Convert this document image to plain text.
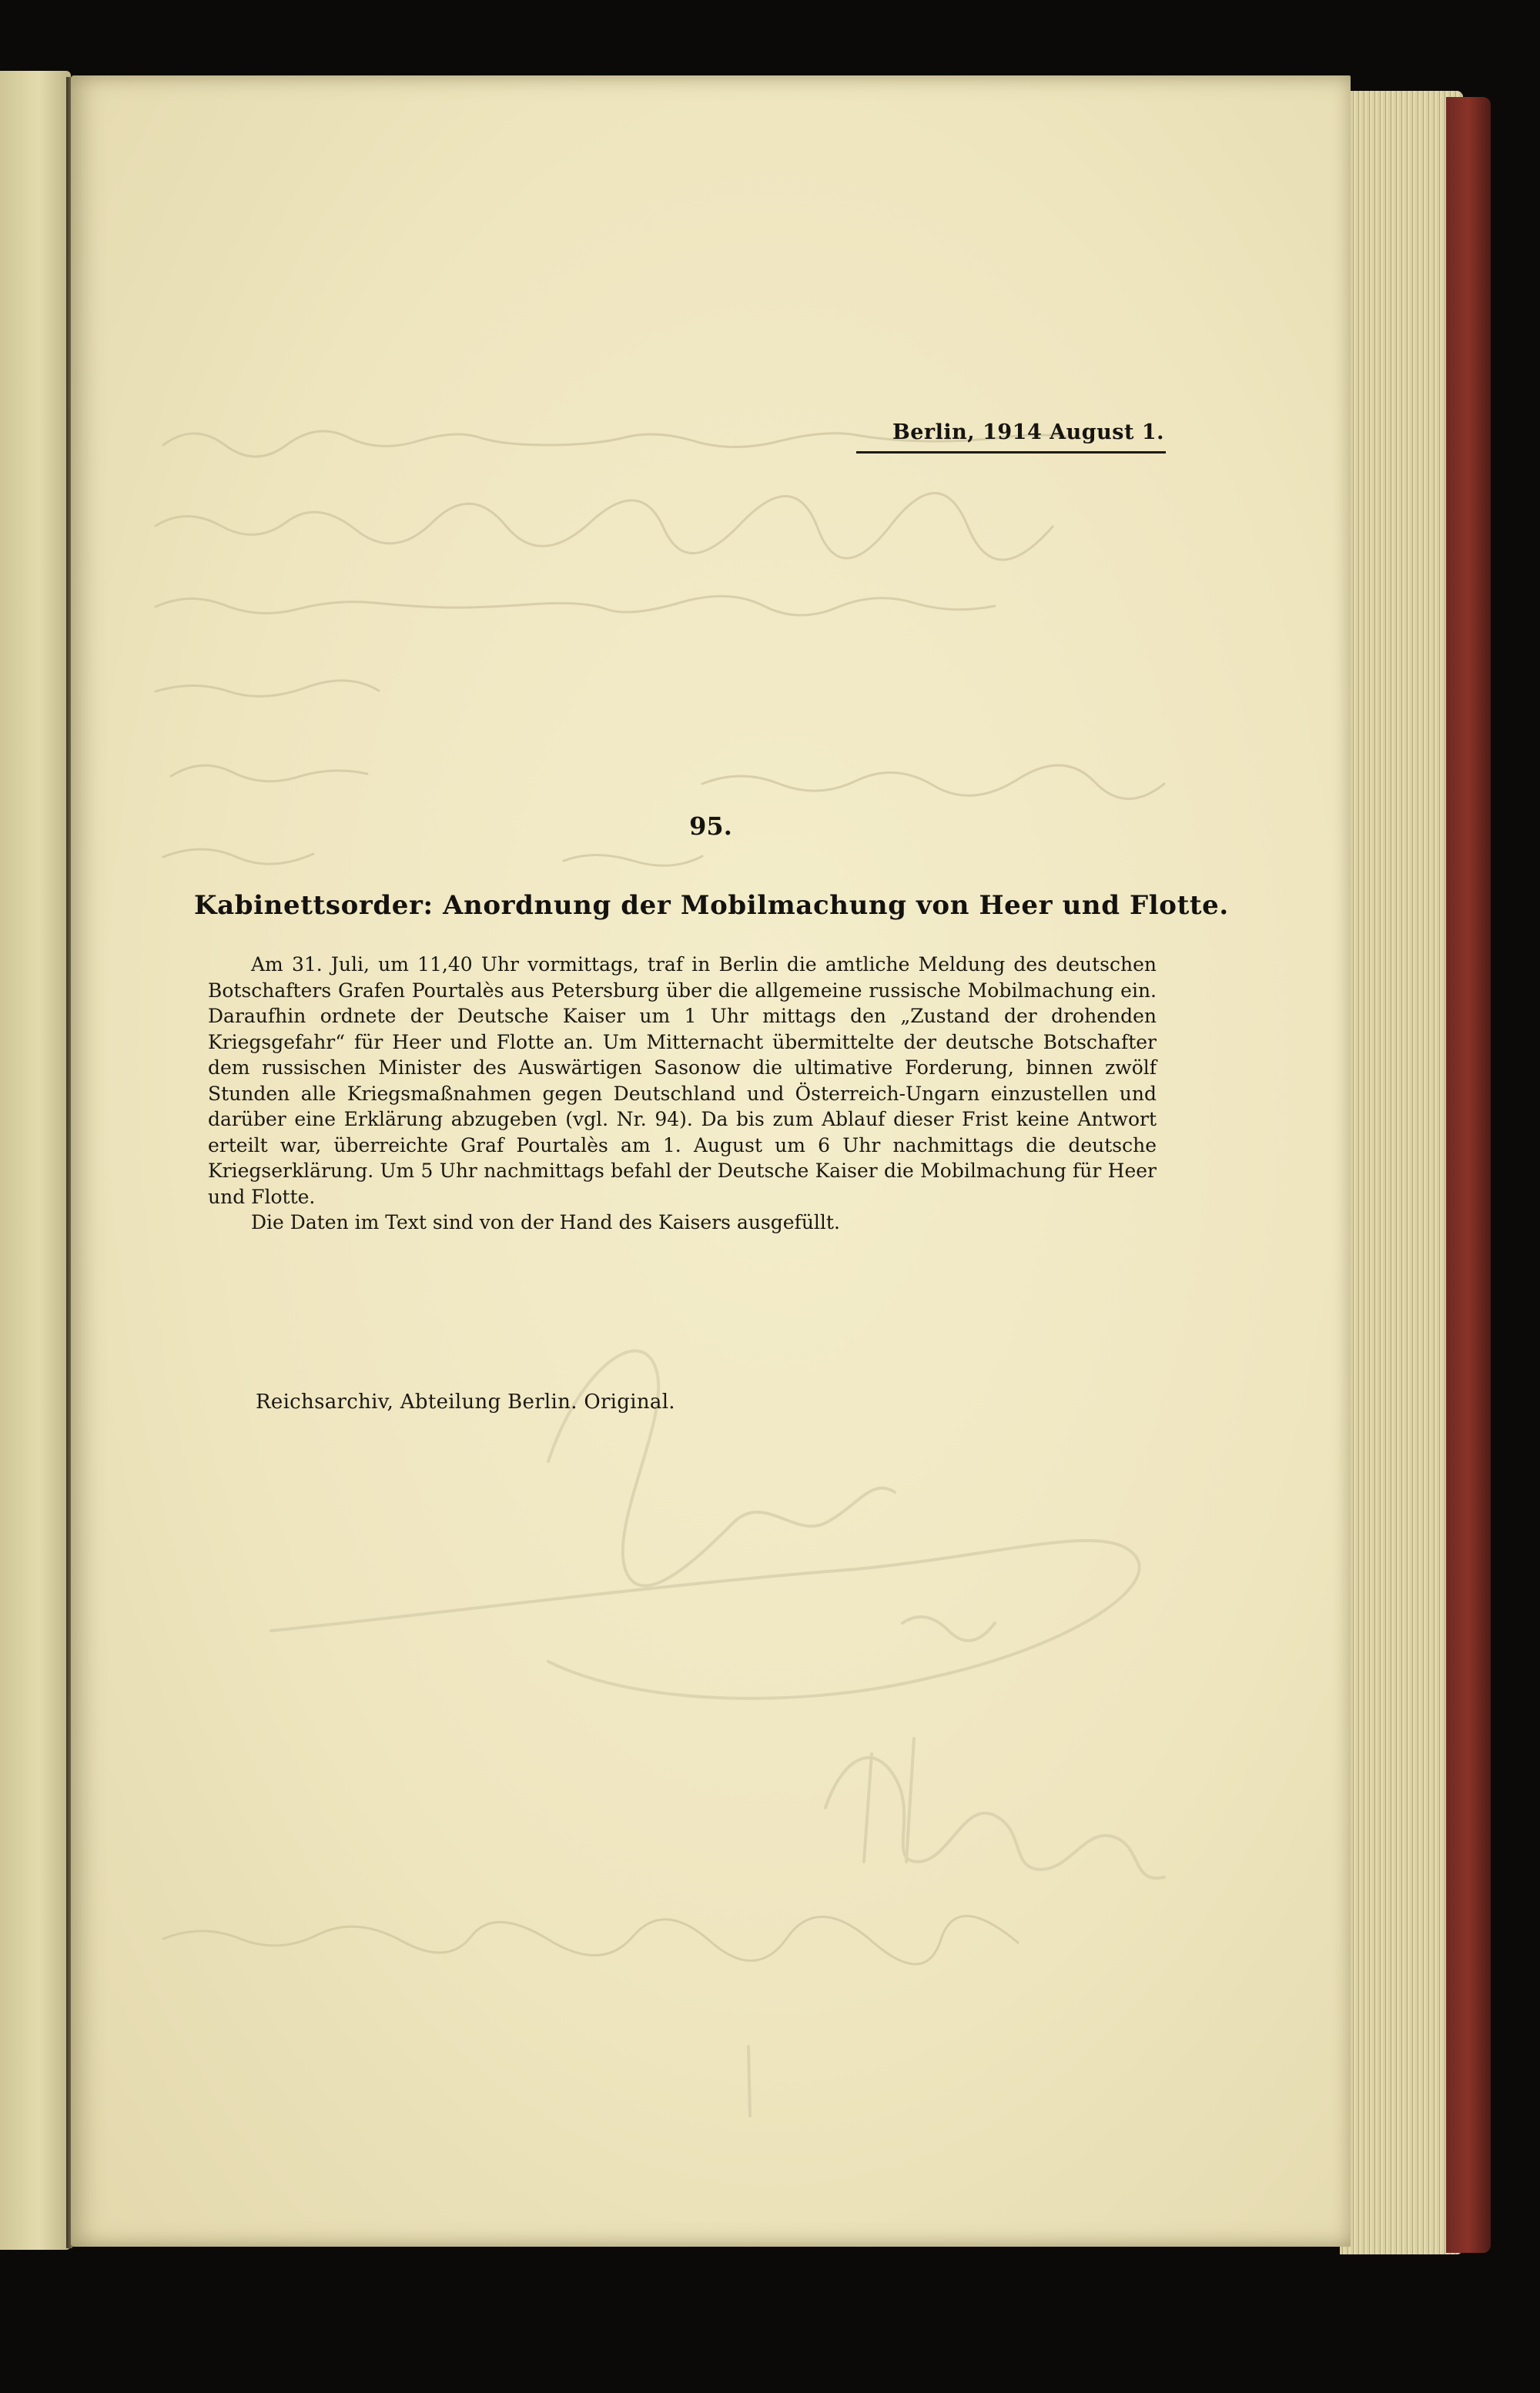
Berlin, 1914 August 1.
95.
Kabinettsorder: Anordnung der Mobilmachung von Heer und Flotte.

Am 31. Juli, um 11,40 Uhr vormittags, traf in Berlin die amtliche Meldung des deutschen Botschafters Grafen Pourtalès aus Petersburg über die allgemeine russische Mobilmachung ein. Daraufhin ordnete der Deutsche Kaiser um 1 Uhr mittags den „Zustand der drohenden Kriegsgefahr“ für Heer und Flotte an. Um Mitternacht übermittelte der deutsche Botschafter dem russischen Minister des Auswärtigen Sasonow die ultimative Forderung, binnen zwölf Stunden alle Kriegsmaßnahmen gegen Deutschland und Österreich-Ungarn einzustellen und darüber eine Erklärung abzugeben (vgl. Nr. 94). Da bis zum Ablauf dieser Frist keine Antwort erteilt war, überreichte Graf Pourtalès am 1. August um 6 Uhr nachmittags die deutsche Kriegserklärung. Um 5 Uhr nachmittags befahl der Deutsche Kaiser die Mobilmachung für Heer und Flotte.

Die Daten im Text sind von der Hand des Kaisers ausgefüllt.

Reichsarchiv, Abteilung Berlin. Original.
